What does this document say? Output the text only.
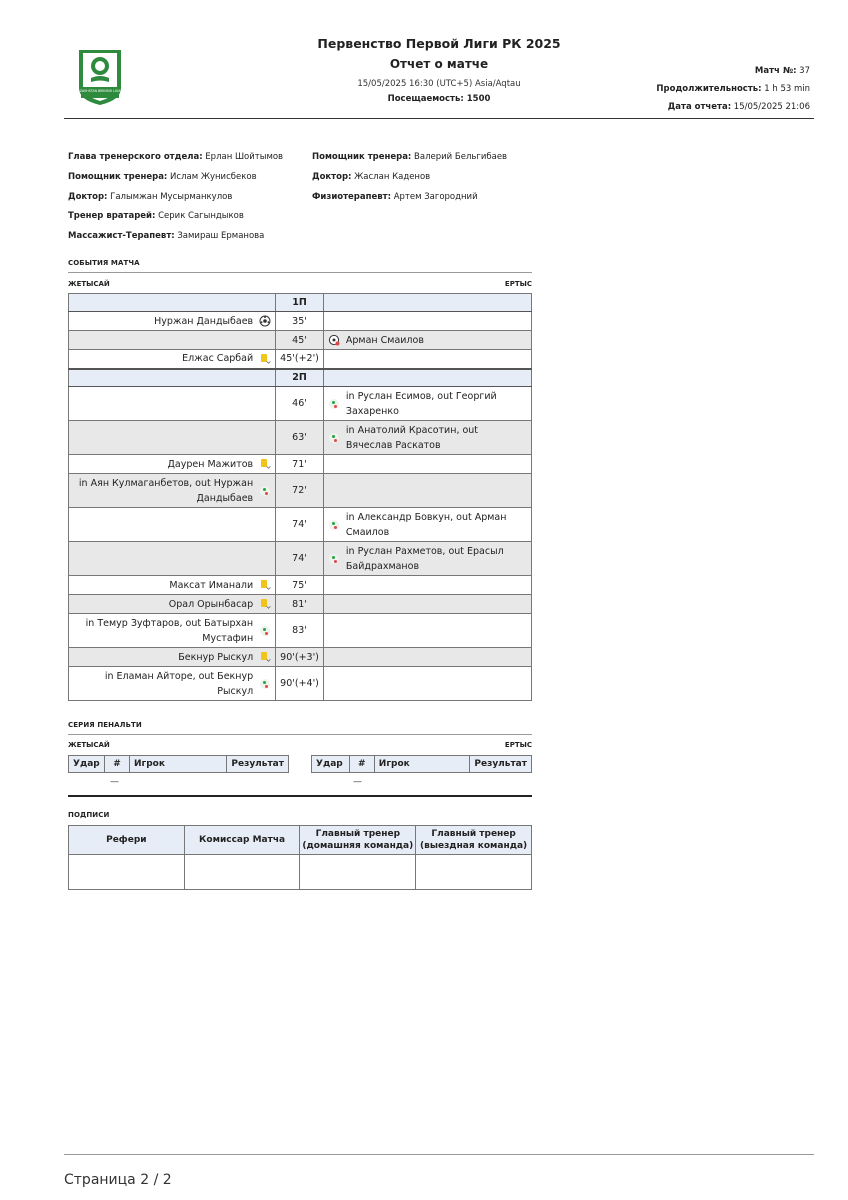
KAZAKHSTAN BIRINSHI LIGASY
Первенство Первой Лиги РК 2025
Отчет о матче
15/05/2025 16:30 (UTC+5) Asia/Aqtau
Посещаемость: 1500
Матч №: 37
Продолжительность: 1 h 53 min
Дата отчета: 15/05/2025 21:06
Глава тренерского отдела: Ерлан Шойтымов
Помощник тренера: Ислам Жунисбеков
Доктор: Галымжан Мусырманкулов
Тренер вратарей: Серик Сагындыков
Массажист-Терапевт: Замираш Ерманова
Помощник тренера: Валерий Бельгибаев
Доктор: Жаслан Каденов
Физиотерапевт: Артем Загородний
СОБЫТИЯ МАТЧА
ЖЕТЫСАЙ	ЕРТЫС
	1П	

Нуржан Дандыбаев	35'	
	45'	Арман Смаилов

Елжас Сарбай	45'(+2')	
	2П	
	46'	in Руслан Есимов, out Георгий Захаренко

	63'	in Анатолий Красотин, out Вячеслав Раскатов

Даурен Мажитов	71'	

in Аян Кулмаганбетов, out Нуржан Дандыбаев	72'	
	74'	in Александр Бовкун, out Арман Смаилов

	74'	in Руслан Рахметов, out Ерасыл Байдрахманов

Максат Иманали	75'	

Орал Орынбасар	81'	

in Темур Зуфтаров, out Батырхан Мустафин	83'	

Бекнур Рыскул	90'(+3')	

in Еламан Айторе, out Бекнур Рыскул	90'(+4')	
СЕРИЯ ПЕНАЛЬТИ
ЖЕТЫСАЙ	ЕРТЫС
Удар	#	Игрок	Результат	Удар	#	Игрок	Результат
—	—
ПОДПИСИ
Рефери	Комиссар Матча	Главный тренер (домашняя команда)	Главный тренер (выездная команда)

Страница 2 / 2
